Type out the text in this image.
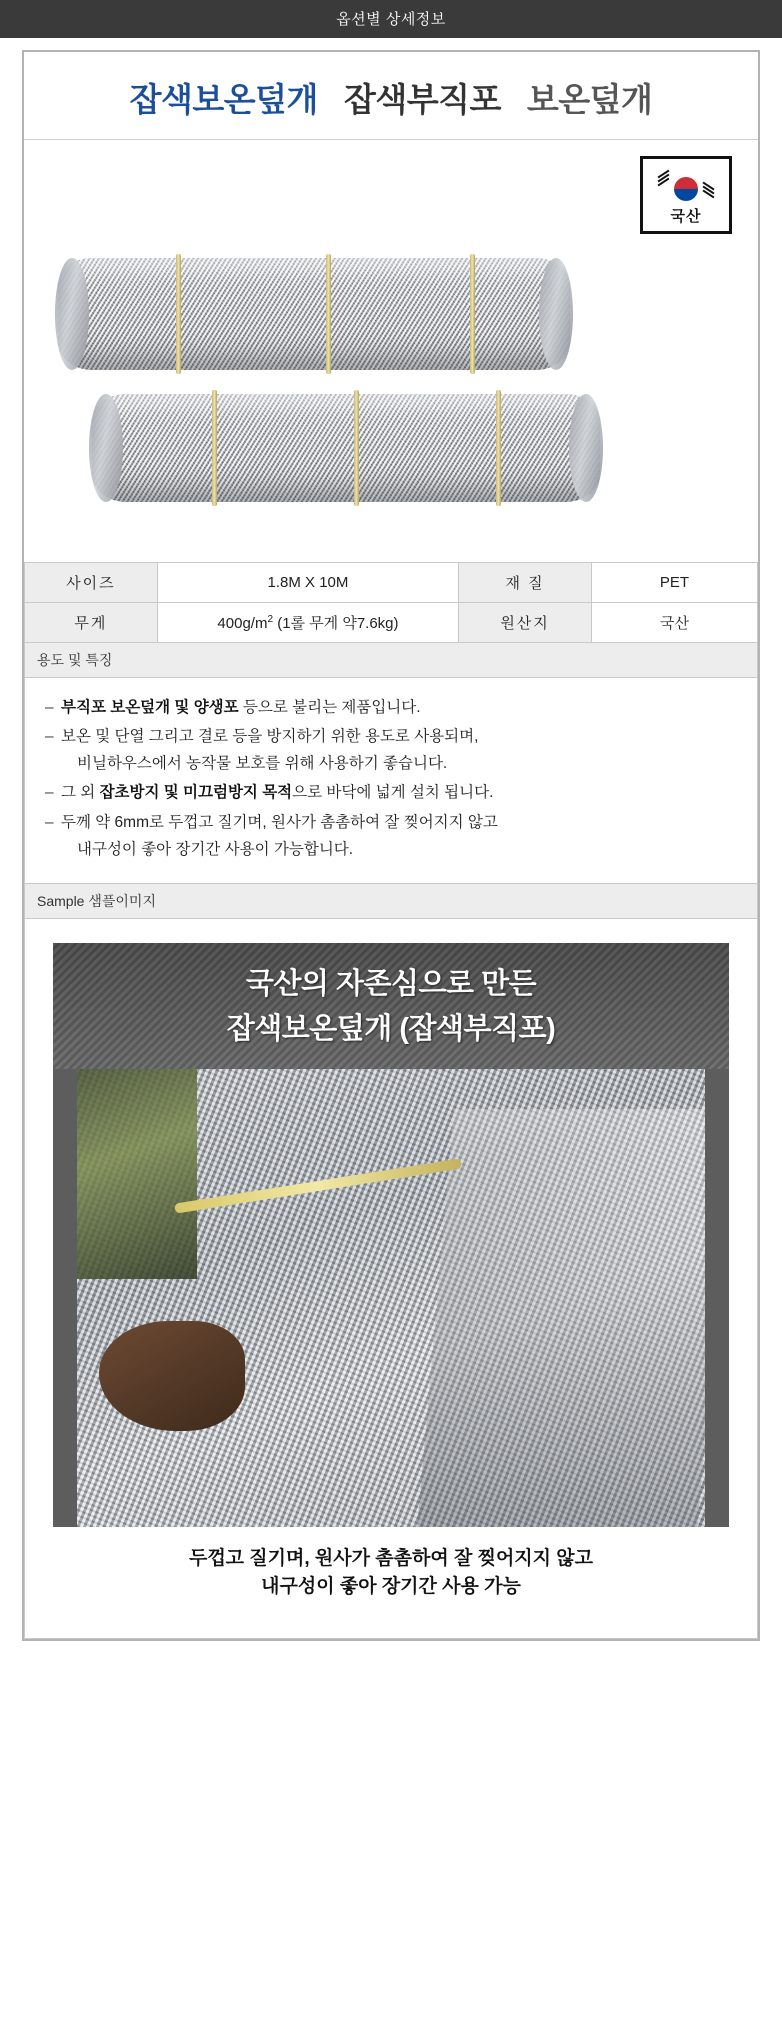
옵션별 상세정보
잡색보온덮개 잡색부직포 보온덮개
국산
사이즈	1.8M X 10M	재 질	PET
무게	$400g/m^2$ (1롤 무게 약7.6kg)	원산지	국산
용도 및 특징
– 부직포 보온덮개 및 양생포 등으로 불리는 제품입니다.
– 보온 및 단열 그리고 결로 등을 방지하기 위한 용도로 사용되며,
비닐하우스에서 농작물 보호를 위해 사용하기 좋습니다.
– 그 외 잡초방지 및 미끄럼방지 목적으로 바닥에 넓게 설치 됩니다.
– 두께 약 6mm로 두껍고 질기며, 원사가 촘촘하여 잘 찢어지지 않고
내구성이 좋아 장기간 사용이 가능합니다.
Sample 샘플이미지
국산의 자존심으로 만든
잡색보온덮개 (잡색부직포)
두껍고 질기며, 원사가 촘촘하여 잘 찢어지지 않고
내구성이 좋아 장기간 사용 가능
